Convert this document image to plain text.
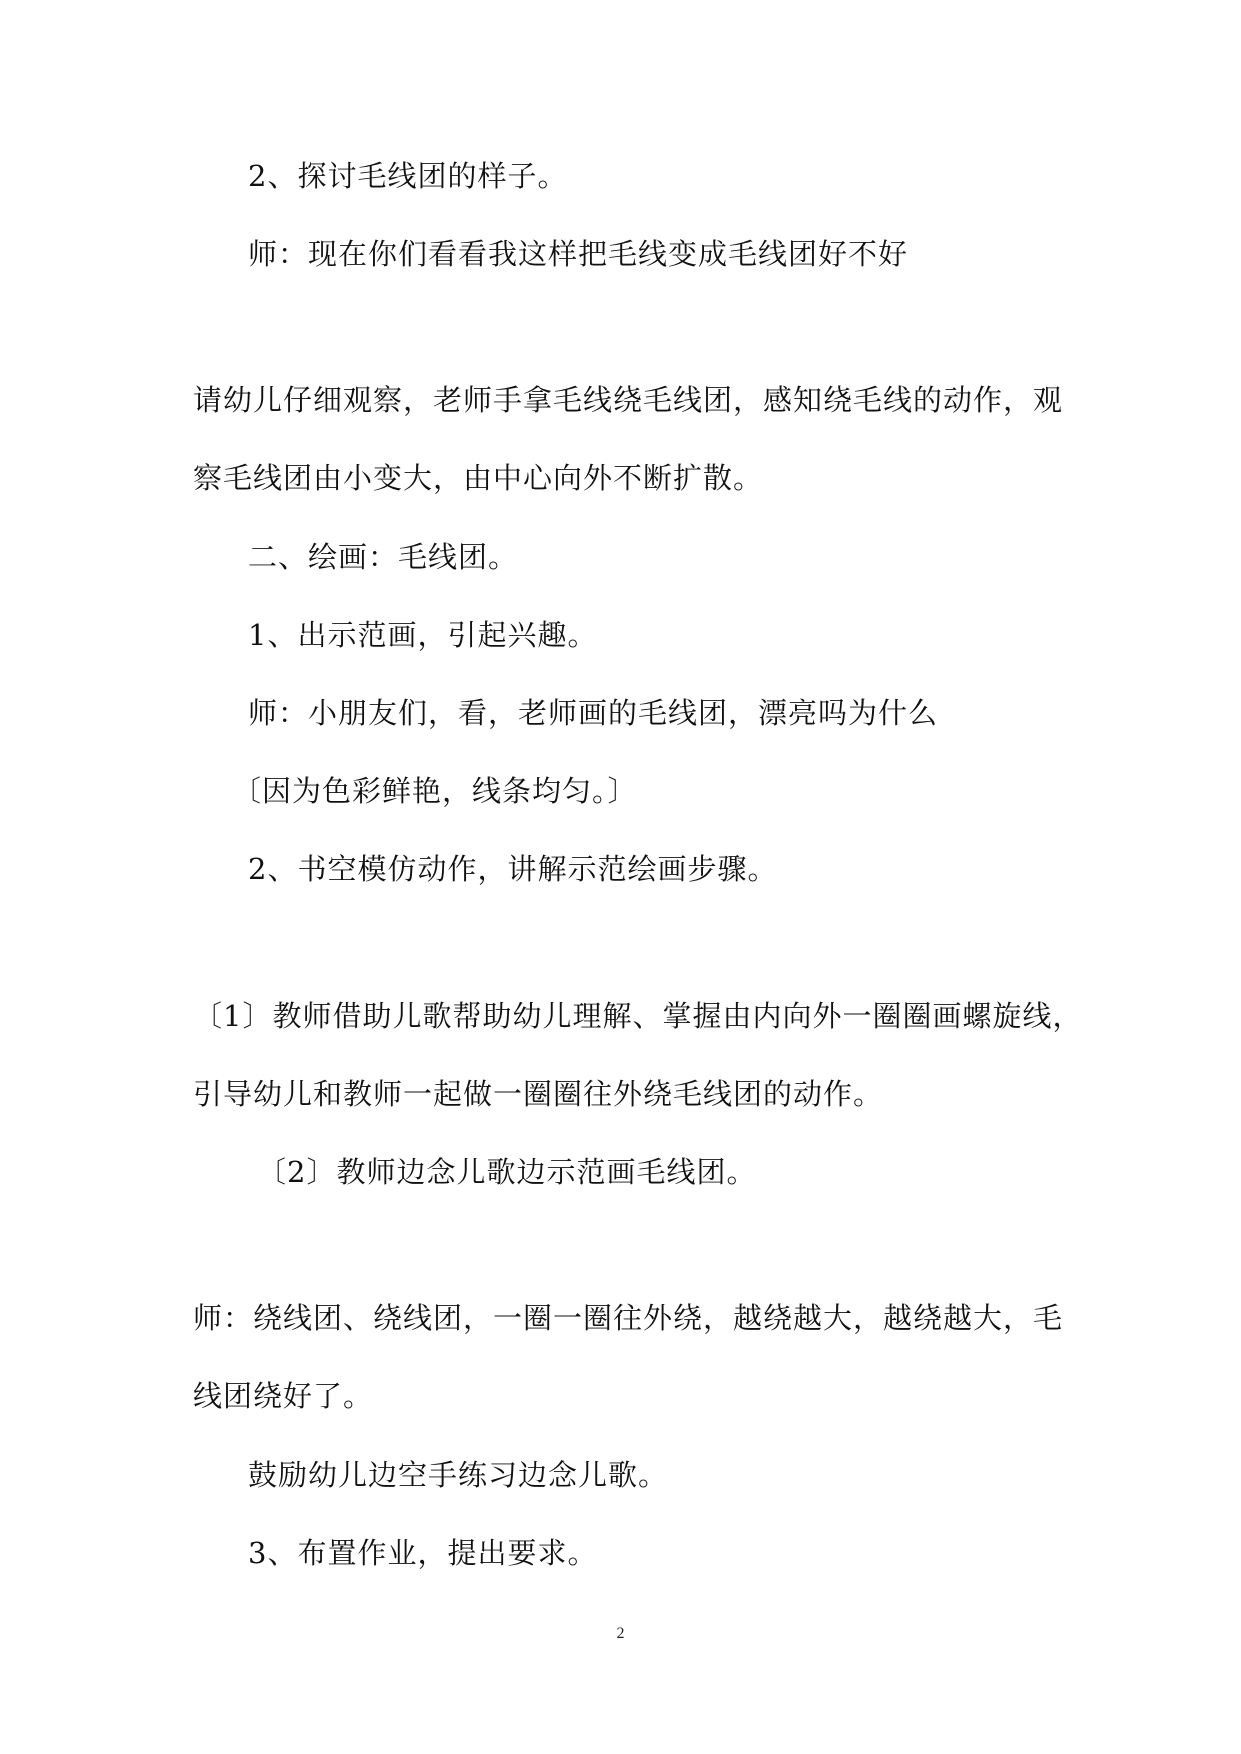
2、探讨毛线团的样子。
师：现在你们看看我这样把毛线变成毛线团好不好
请幼儿仔细观察，老师手拿毛线绕毛线团，感知绕毛线的动作，观
察毛线团由小变大，由中心向外不断扩散。
二、绘画：毛线团。
1、出示范画，引起兴趣。
师：小朋友们，看，老师画的毛线团，漂亮吗为什么
〔因为色彩鲜艳，线条均匀。〕
2、书空模仿动作，讲解示范绘画步骤。
〔1〕教师借助儿歌帮助幼儿理解、掌握由内向外一圈圈画螺旋线，
引导幼儿和教师一起做一圈圈往外绕毛线团的动作。
〔2〕教师边念儿歌边示范画毛线团。
师：绕线团、绕线团，一圈一圈往外绕，越绕越大，越绕越大，毛
线团绕好了。
鼓励幼儿边空手练习边念儿歌。
3、布置作业，提出要求。
2
